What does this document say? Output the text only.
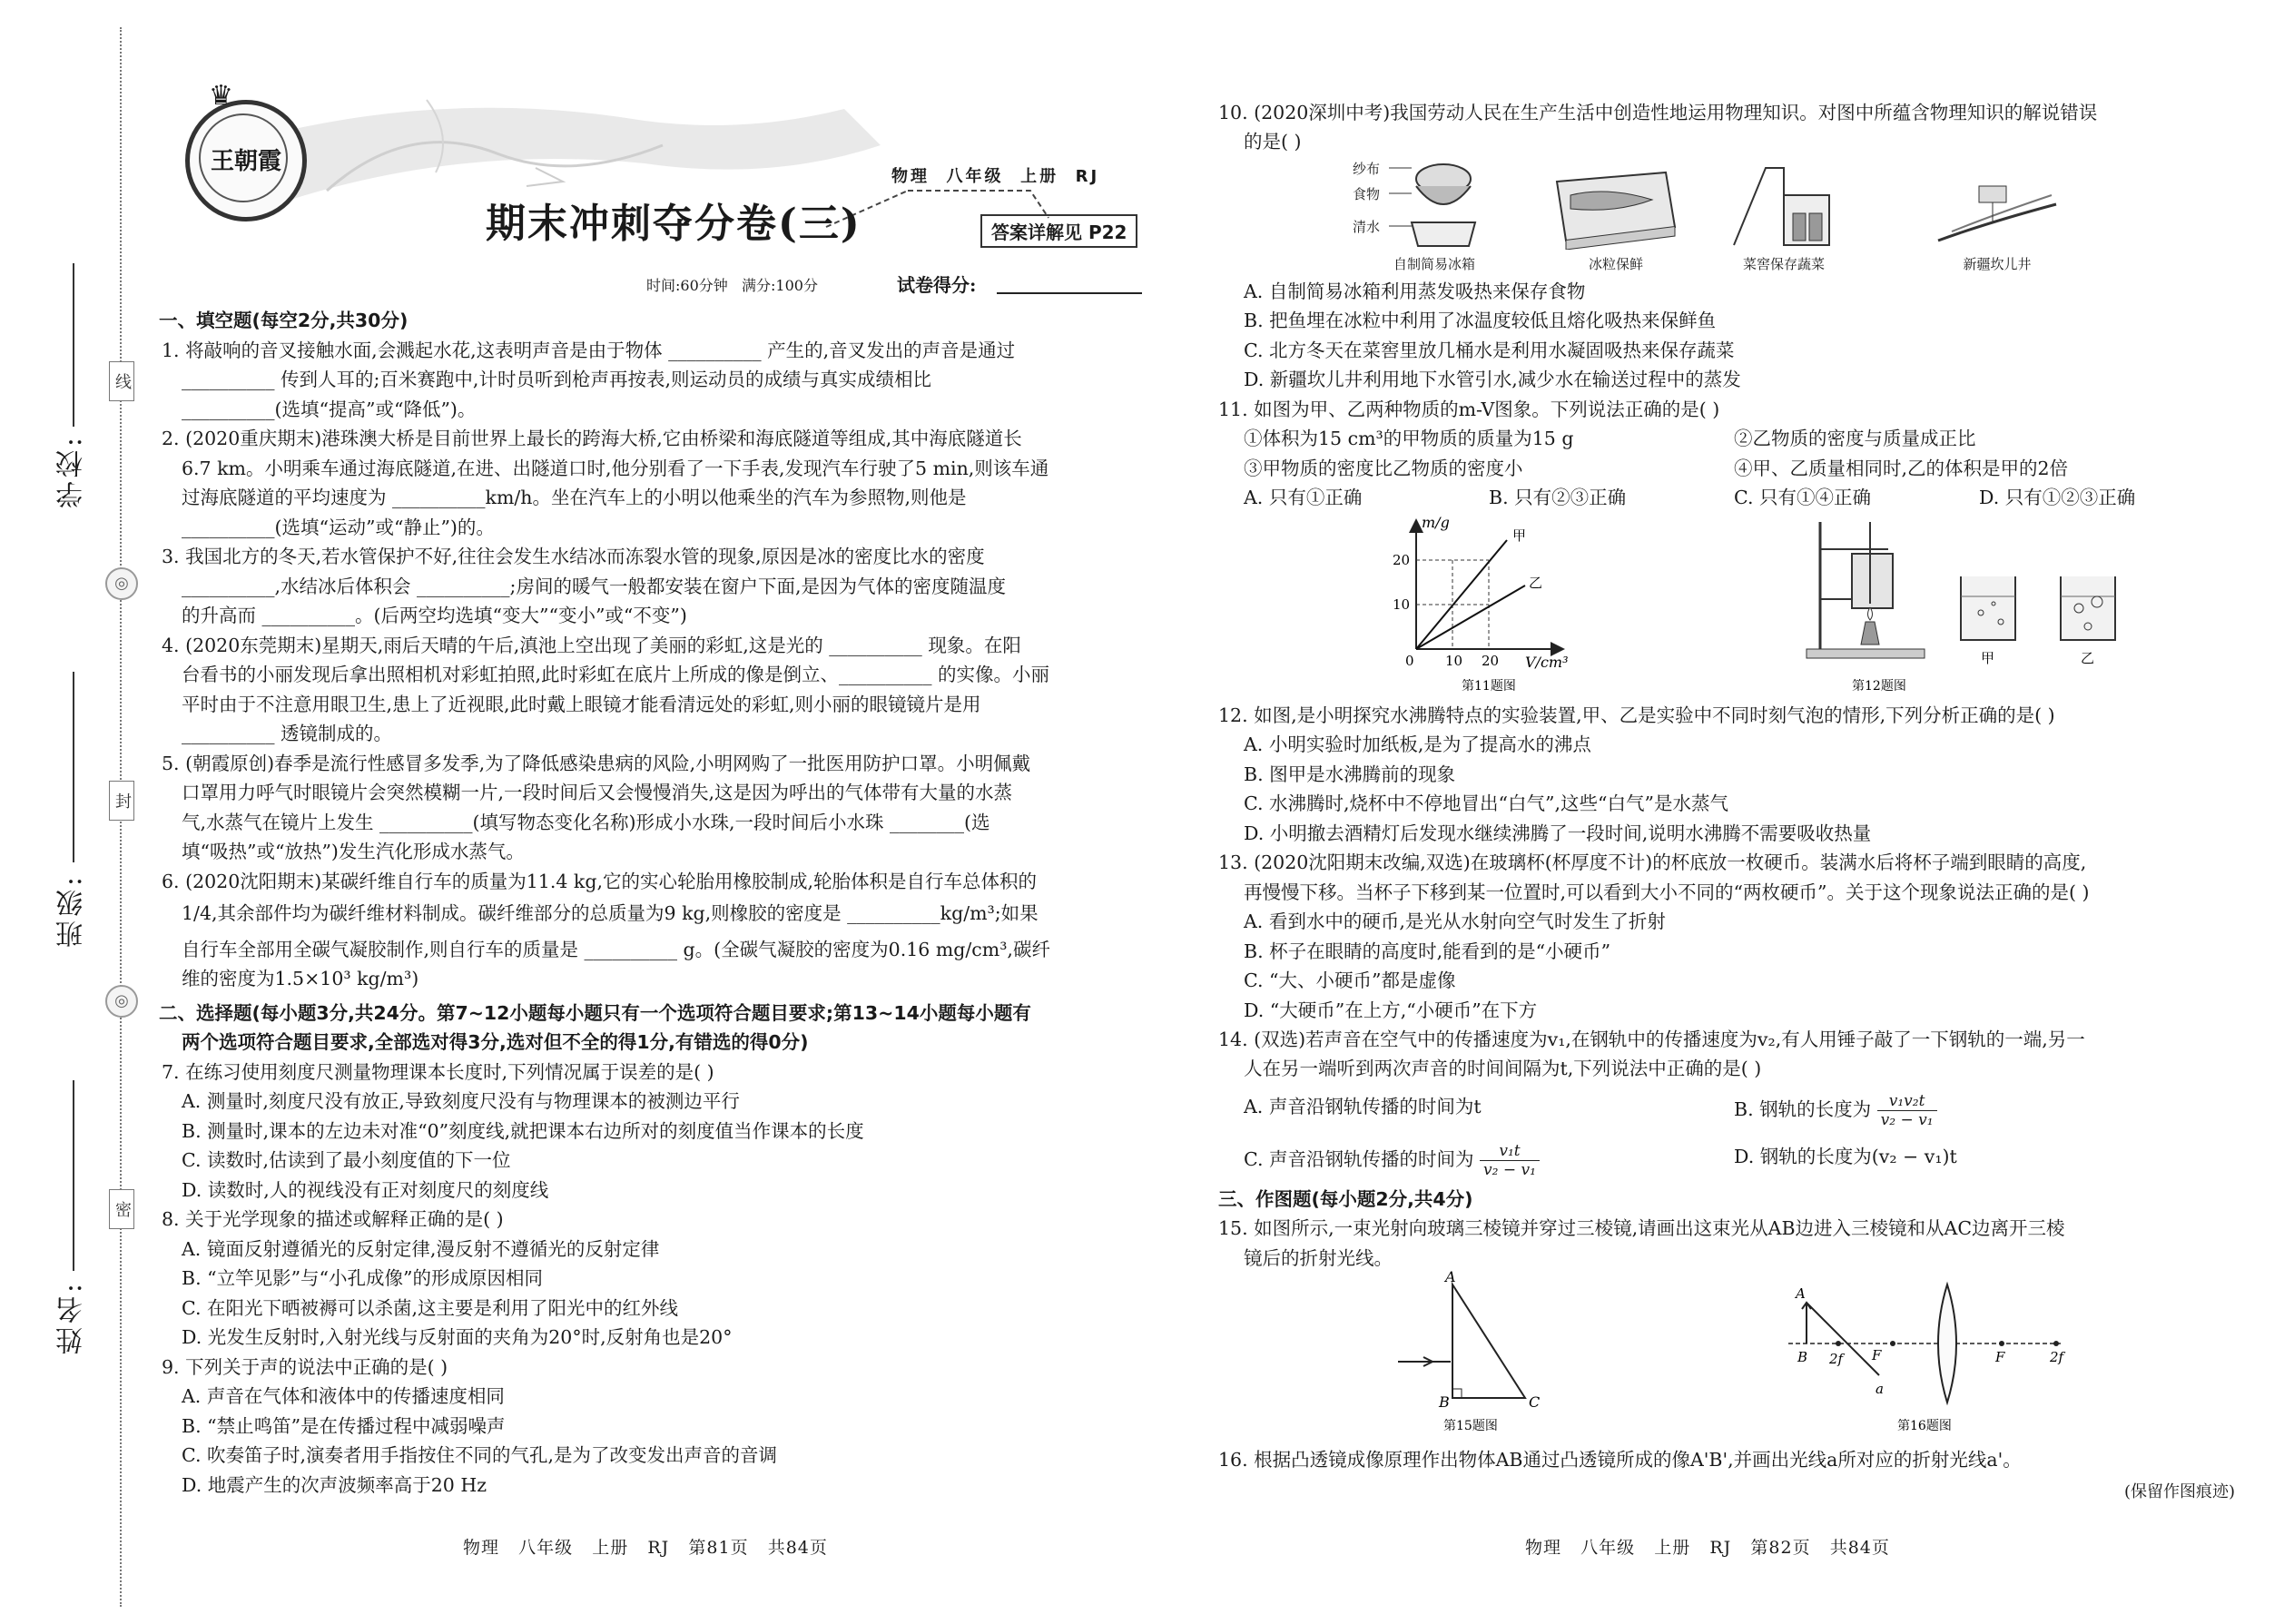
学校:
班级:
姓名:
线
封
密
◎
◎
王朝霞
♛
物理  八年级  上册  RJ
期末冲刺夺分卷(三)	答案详解见 P22
时间:60分钟   满分:100分	试卷得分:
一、填空题(每空2分,共30分)
1. 将敲响的音叉接触水面,会溅起水花,这表明声音是由于物体 __________ 产生的,音叉发出的声音是通过
__________ 传到人耳的;百米赛跑中,计时员听到枪声再按表,则运动员的成绩与真实成绩相比
__________(选填“提高”或“降低”)。
2. (2020重庆期末)港珠澳大桥是目前世界上最长的跨海大桥,它由桥梁和海底隧道等组成,其中海底隧道长
6.7 km。小明乘车通过海底隧道,在进、出隧道口时,他分别看了一下手表,发现汽车行驶了5 min,则该车通
过海底隧道的平均速度为 __________km/h。坐在汽车上的小明以他乘坐的汽车为参照物,则他是
__________(选填“运动”或“静止”)的。
3. 我国北方的冬天,若水管保护不好,往往会发生水结冰而冻裂水管的现象,原因是冰的密度比水的密度
__________,水结冰后体积会 __________;房间的暖气一般都安装在窗户下面,是因为气体的密度随温度
的升高而 __________。(后两空均选填“变大”“变小”或“不变”)
4. (2020东莞期末)星期天,雨后天晴的午后,滇池上空出现了美丽的彩虹,这是光的 __________ 现象。在阳
台看书的小丽发现后拿出照相机对彩虹拍照,此时彩虹在底片上所成的像是倒立、__________ 的实像。小丽
平时由于不注意用眼卫生,患上了近视眼,此时戴上眼镜才能看清远处的彩虹,则小丽的眼镜镜片是用
__________ 透镜制成的。
5. (朝霞原创)春季是流行性感冒多发季,为了降低感染患病的风险,小明网购了一批医用防护口罩。小明佩戴
口罩用力呼气时眼镜片会突然模糊一片,一段时间后又会慢慢消失,这是因为呼出的气体带有大量的水蒸
气,水蒸气在镜片上发生 __________(填写物态变化名称)形成小水珠,一段时间后小水珠 ________(选
填“吸热”或“放热”)发生汽化形成水蒸气。
6. (2020沈阳期末)某碳纤维自行车的质量为11.4 kg,它的实心轮胎用橡胶制成,轮胎体积是自行车总体积的
1/4,其余部件均为碳纤维材料制成。碳纤维部分的总质量为9 kg,则橡胶的密度是 __________kg/m³;如果
自行车全部用全碳气凝胶制作,则自行车的质量是 __________ g。(全碳气凝胶的密度为0.16 mg/cm³,碳纤
维的密度为1.5×10³ kg/m³)
二、选择题(每小题3分,共24分。第7~12小题每小题只有一个选项符合题目要求;第13~14小题每小题有
两个选项符合题目要求,全部选对得3分,选对但不全的得1分,有错选的得0分)
7. 在练习使用刻度尺测量物理课本长度时,下列情况属于误差的是( )
A. 测量时,刻度尺没有放正,导致刻度尺没有与物理课本的被测边平行
B. 测量时,课本的左边未对准“0”刻度线,就把课本右边所对的刻度值当作课本的长度
C. 读数时,估读到了最小刻度值的下一位
D. 读数时,人的视线没有正对刻度尺的刻度线
8. 关于光学现象的描述或解释正确的是( )
A. 镜面反射遵循光的反射定律,漫反射不遵循光的反射定律
B. “立竿见影”与“小孔成像”的形成原因相同
C. 在阳光下晒被褥可以杀菌,这主要是利用了阳光中的红外线
D. 光发生反射时,入射光线与反射面的夹角为20°时,反射角也是20°
9. 下列关于声的说法中正确的是( )
A. 声音在气体和液体中的传播速度相同
B. “禁止鸣笛”是在传播过程中减弱噪声
C. 吹奏笛子时,演奏者用手指按住不同的气孔,是为了改变发出声音的音调
D. 地震产生的次声波频率高于20 Hz
物理   八年级   上册   RJ   第81页   共84页
10. (2020深圳中考)我国劳动人民在生产生活中创造性地运用物理知识。对图中所蕴含物理知识的解说错误
的是( )
纱布
食物
清水
自制简易冰箱	冰粒保鲜	菜窖保存蔬菜	新疆坎儿井
A. 自制简易冰箱利用蒸发吸热来保存食物
B. 把鱼埋在冰粒中利用了冰温度较低且熔化吸热来保鲜鱼
C. 北方冬天在菜窖里放几桶水是利用水凝固吸热来保存蔬菜
D. 新疆坎儿井利用地下水管引水,减少水在输送过程中的蒸发
11. 如图为甲、乙两种物质的m-V图象。下列说法正确的是( )
①体积为15 cm³的甲物质的质量为15 g	②乙物质的密度与质量成正比
③甲物质的密度比乙物质的密度小	④甲、乙质量相同时,乙的体积是甲的2倍
A. 只有①正确	B. 只有②③正确	C. 只有①④正确	D. 只有①②③正确
m/g
V/cm³
0
10
20
10 20
甲
乙
第11题图
甲	乙
第12题图
12. 如图,是小明探究水沸腾特点的实验装置,甲、乙是实验中不同时刻气泡的情形,下列分析正确的是( )
A. 小明实验时加纸板,是为了提高水的沸点
B. 图甲是水沸腾前的现象
C. 水沸腾时,烧杯中不停地冒出“白气”,这些“白气”是水蒸气
D. 小明撤去酒精灯后发现水继续沸腾了一段时间,说明水沸腾不需要吸收热量
13. (2020沈阳期末改编,双选)在玻璃杯(杯厚度不计)的杯底放一枚硬币。装满水后将杯子端到眼睛的高度,
再慢慢下移。当杯子下移到某一位置时,可以看到大小不同的“两枚硬币”。关于这个现象说法正确的是( )
A. 看到水中的硬币,是光从水射向空气时发生了折射
B. 杯子在眼睛的高度时,能看到的是“小硬币”
C. “大、小硬币”都是虚像
D. “大硬币”在上方,“小硬币”在下方
14. (双选)若声音在空气中的传播速度为v₁,在钢轨中的传播速度为v₂,有人用锤子敲了一下钢轨的一端,另一
人在另一端听到两次声音的时间间隔为t,下列说法中正确的是( )
A. 声音沿钢轨传播的时间为t	B. 钢轨的长度为 $\frac{\text{v₁v₂t}}{\text{v₂ − v₁}}$
C. 声音沿钢轨传播的时间为 $\frac{\text{v₁t}}{\text{v₂ − v₁}}$	D. 钢轨的长度为(v₂ − v₁)t
三、作图题(每小题2分,共4分)
15. 如图所示,一束光射向玻璃三棱镜并穿过三棱镜,请画出这束光从AB边进入三棱镜和从AC边离开三棱
镜后的折射光线。
A
B	C
第15题图
A
B 2f F	F	2f
a
第16题图
16. 根据凸透镜成像原理作出物体AB通过凸透镜所成的像A'B',并画出光线a所对应的折射光线a'。
(保留作图痕迹)
物理   八年级   上册   RJ   第82页   共84页
